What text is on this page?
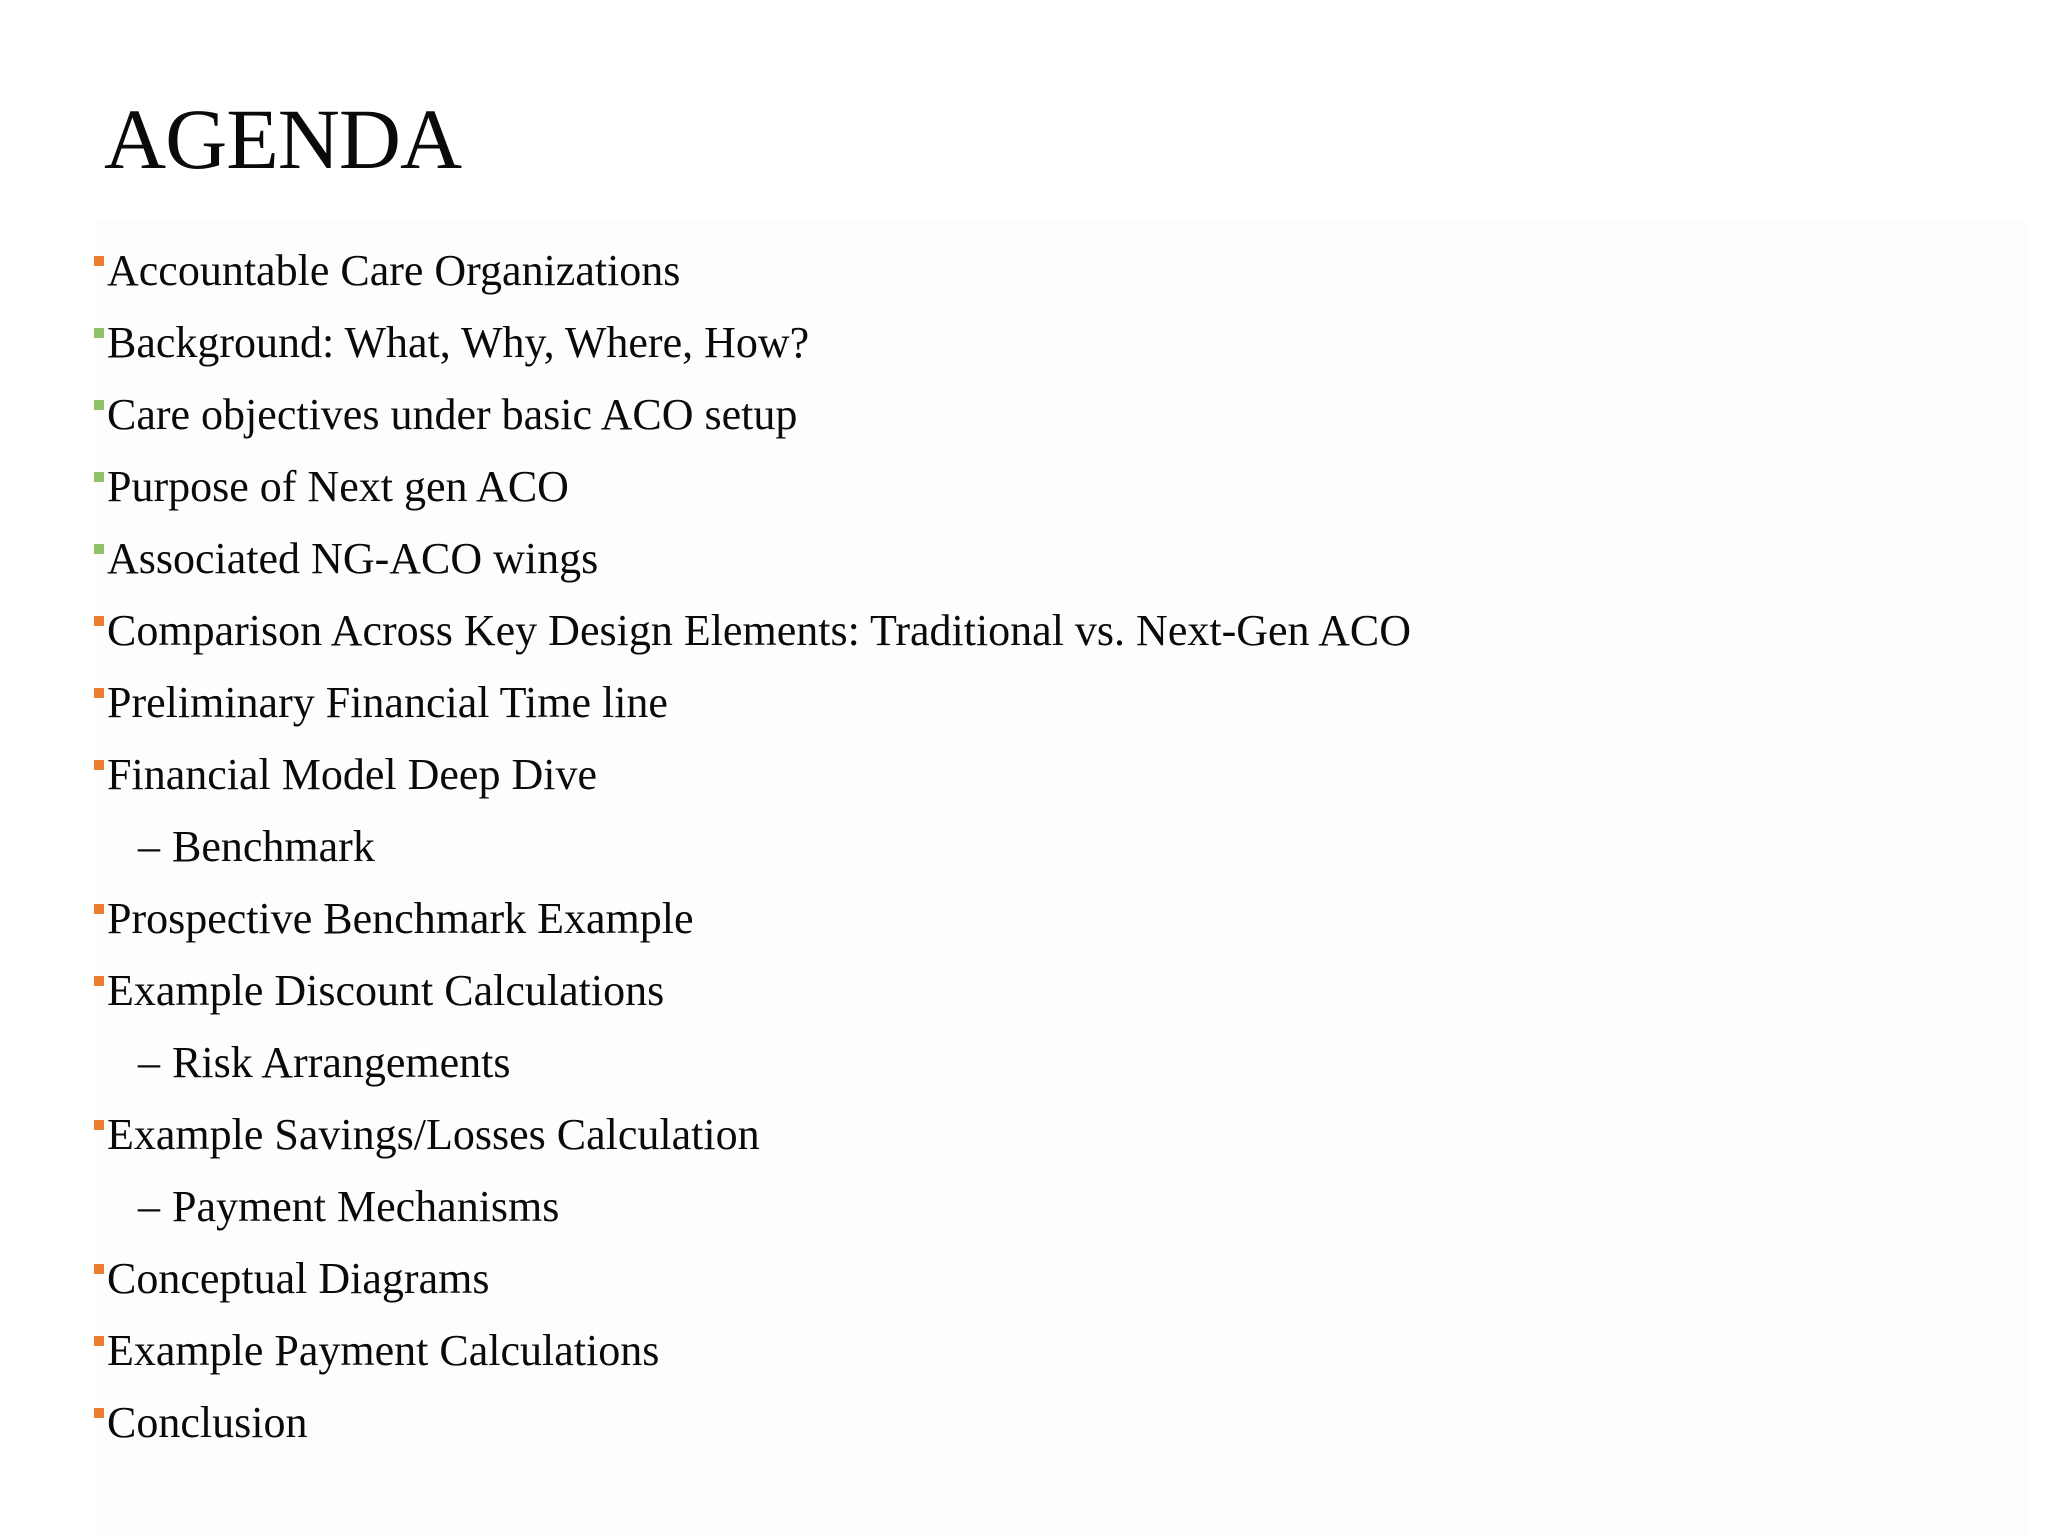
AGENDA
Accountable Care Organizations
Background: What, Why, Where, How?
Care objectives under basic ACO setup
Purpose of Next gen ACO
Associated NG-ACO wings
Comparison Across Key Design Elements: Traditional vs. Next-Gen ACO
Preliminary Financial Time line
Financial Model Deep Dive
– Benchmark
Prospective Benchmark Example
Example Discount Calculations
– Risk Arrangements
Example Savings/Losses Calculation
– Payment Mechanisms
Conceptual Diagrams
Example Payment Calculations
Conclusion
